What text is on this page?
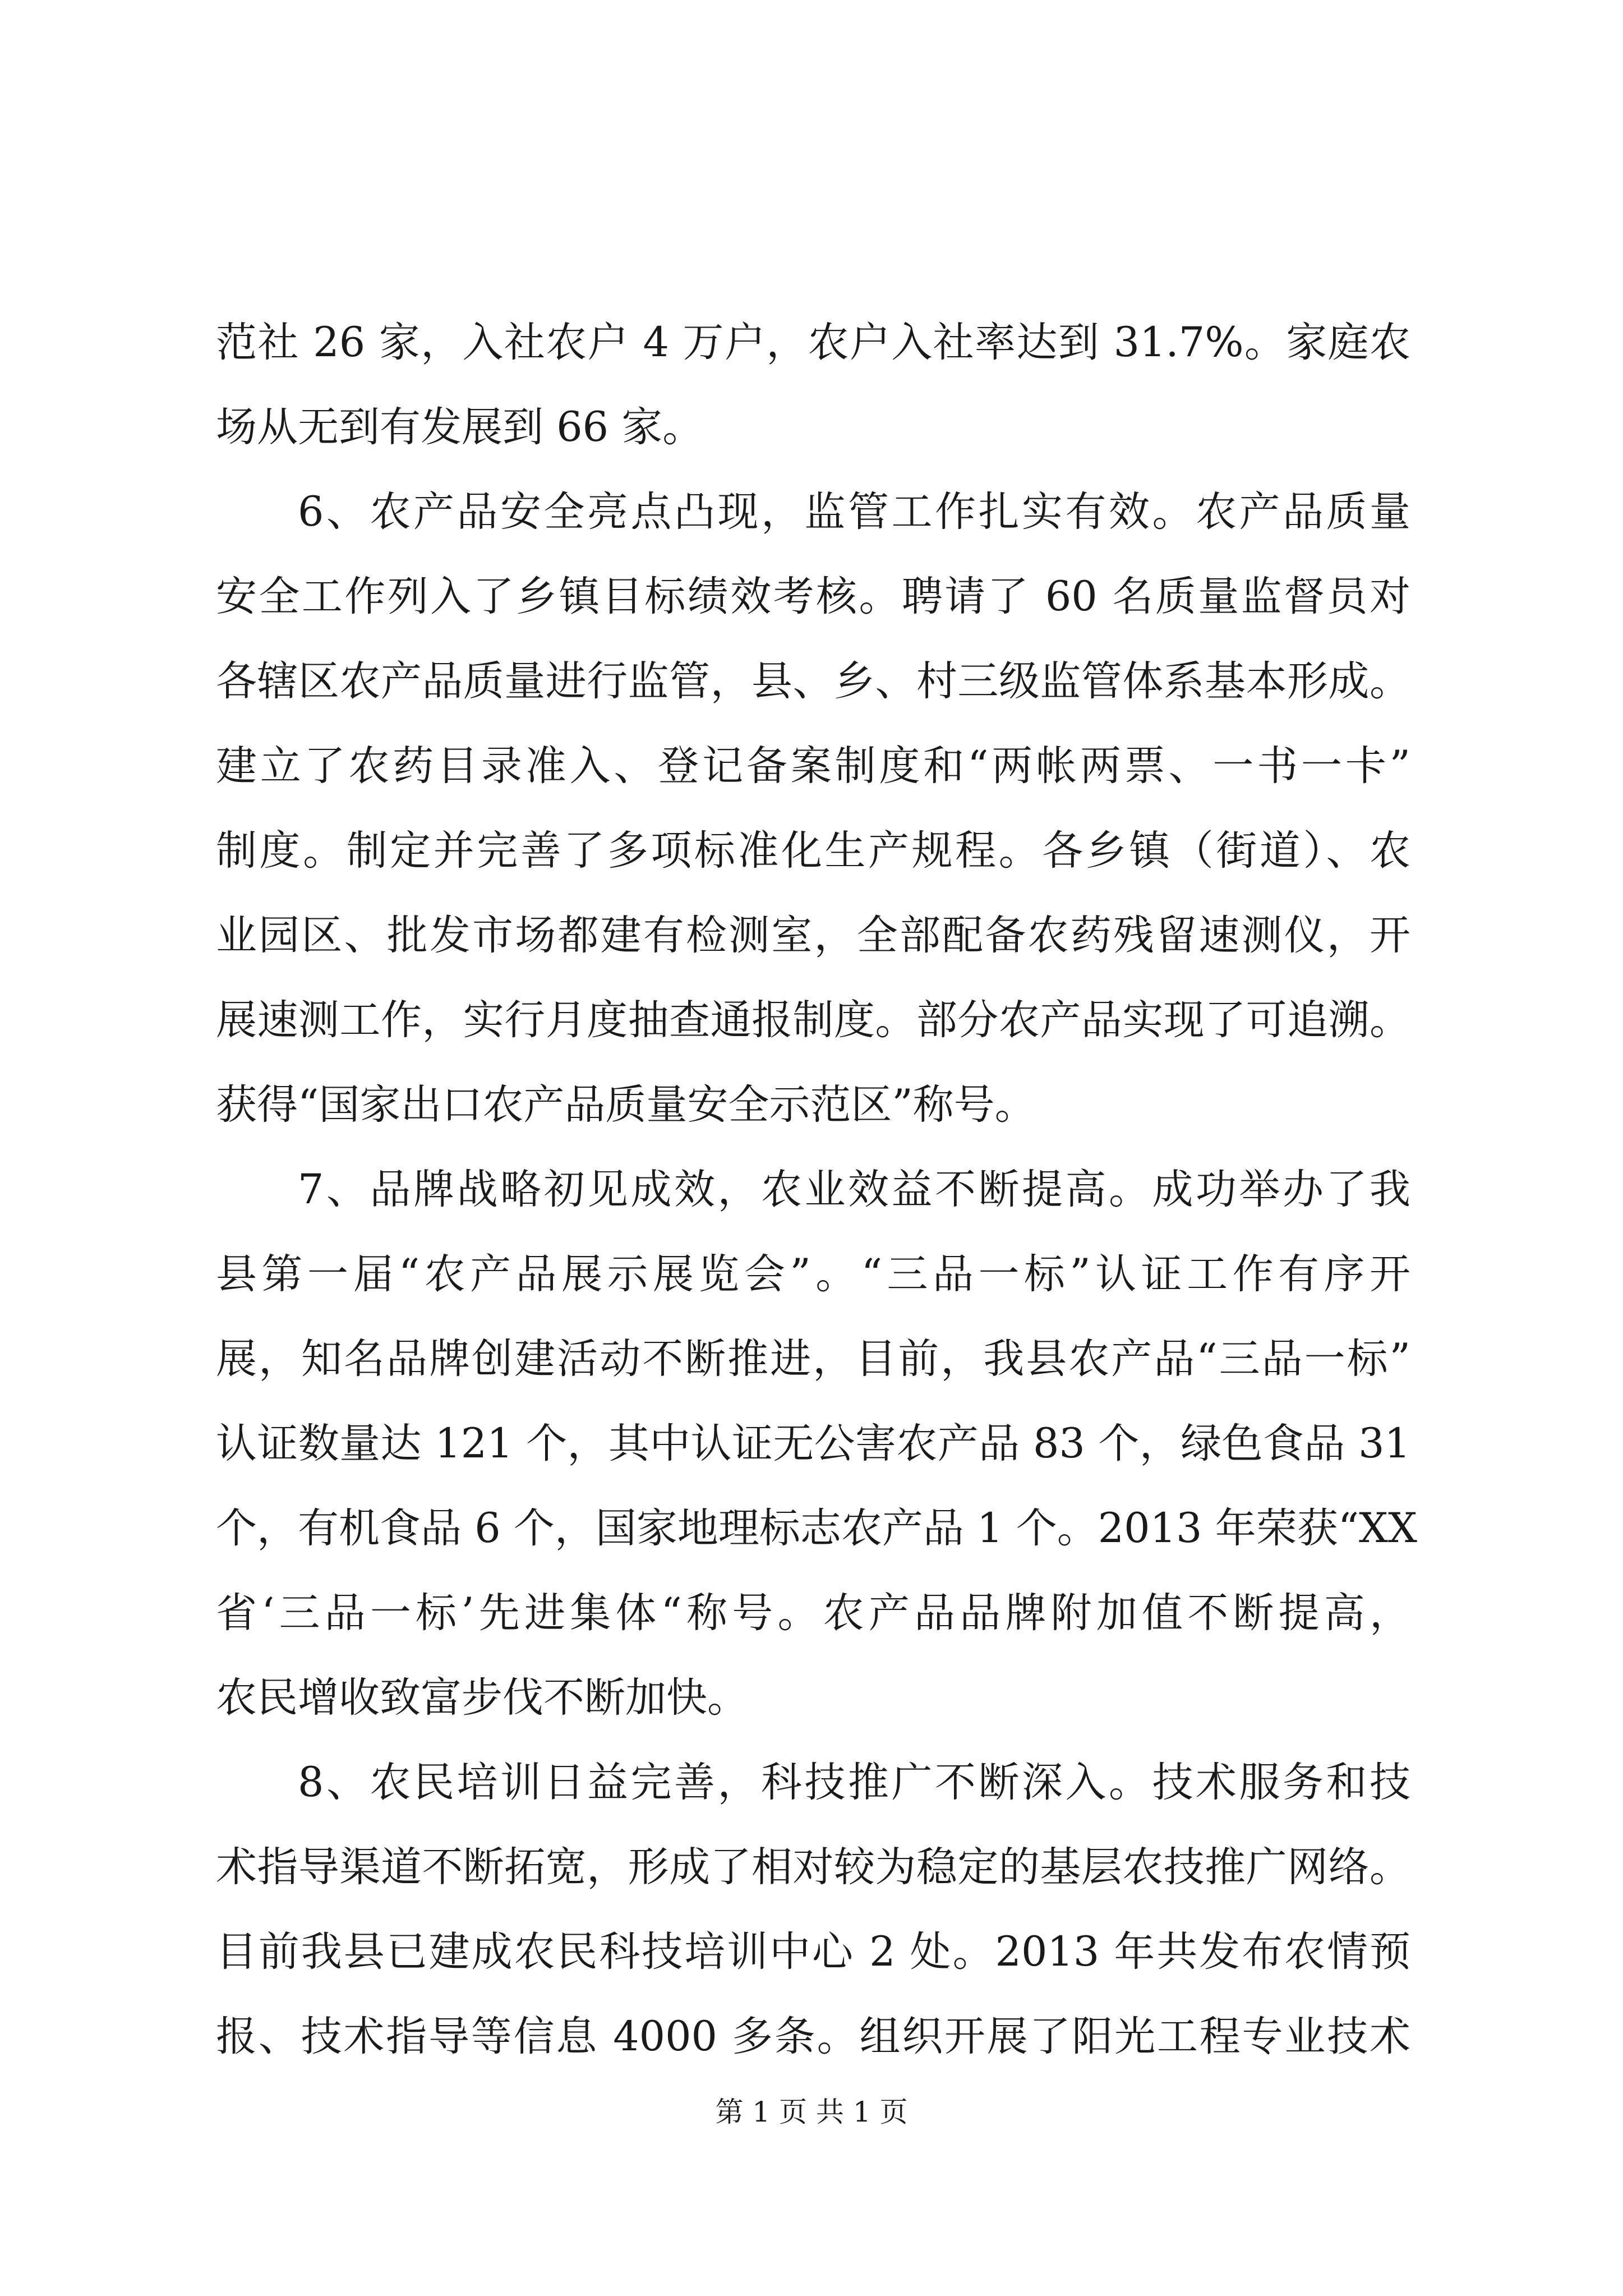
范社 26 家，入社农户 4 万户，农户入社率达到 31.7%。家庭农
场从无到有发展到 66 家。
6、农产品安全亮点凸现，监管工作扎实有效。农产品质量
安全工作列入了乡镇目标绩效考核。聘请了 60 名质量监督员对
各辖区农产品质量进行监管，县、乡、村三级监管体系基本形成。
建立了农药目录准入、登记备案制度和“两帐两票、一书一卡”
制度。制定并完善了多项标准化生产规程。各乡镇（街道）、农
业园区、批发市场都建有检测室，全部配备农药残留速测仪，开
展速测工作，实行月度抽查通报制度。部分农产品实现了可追溯。
获得“国家出口农产品质量安全示范区”称号。
7、品牌战略初见成效，农业效益不断提高。成功举办了我
县第一届“农产品展示展览会”。“三品一标”认证工作有序开
展，知名品牌创建活动不断推进，目前，我县农产品“三品一标”
认证数量达 121 个，其中认证无公害农产品 83 个，绿色食品 31
个，有机食品 6 个，国家地理标志农产品 1 个。2013 年荣获“XX
省‘三品一标’先进集体“称号。农产品品牌附加值不断提高，
农民增收致富步伐不断加快。
8、农民培训日益完善，科技推广不断深入。技术服务和技
术指导渠道不断拓宽，形成了相对较为稳定的基层农技推广网络。
目前我县已建成农民科技培训中心 2 处。2013 年共发布农情预
报、技术指导等信息 4000 多条。组织开展了阳光工程专业技术
第 1 页 共 1 页
